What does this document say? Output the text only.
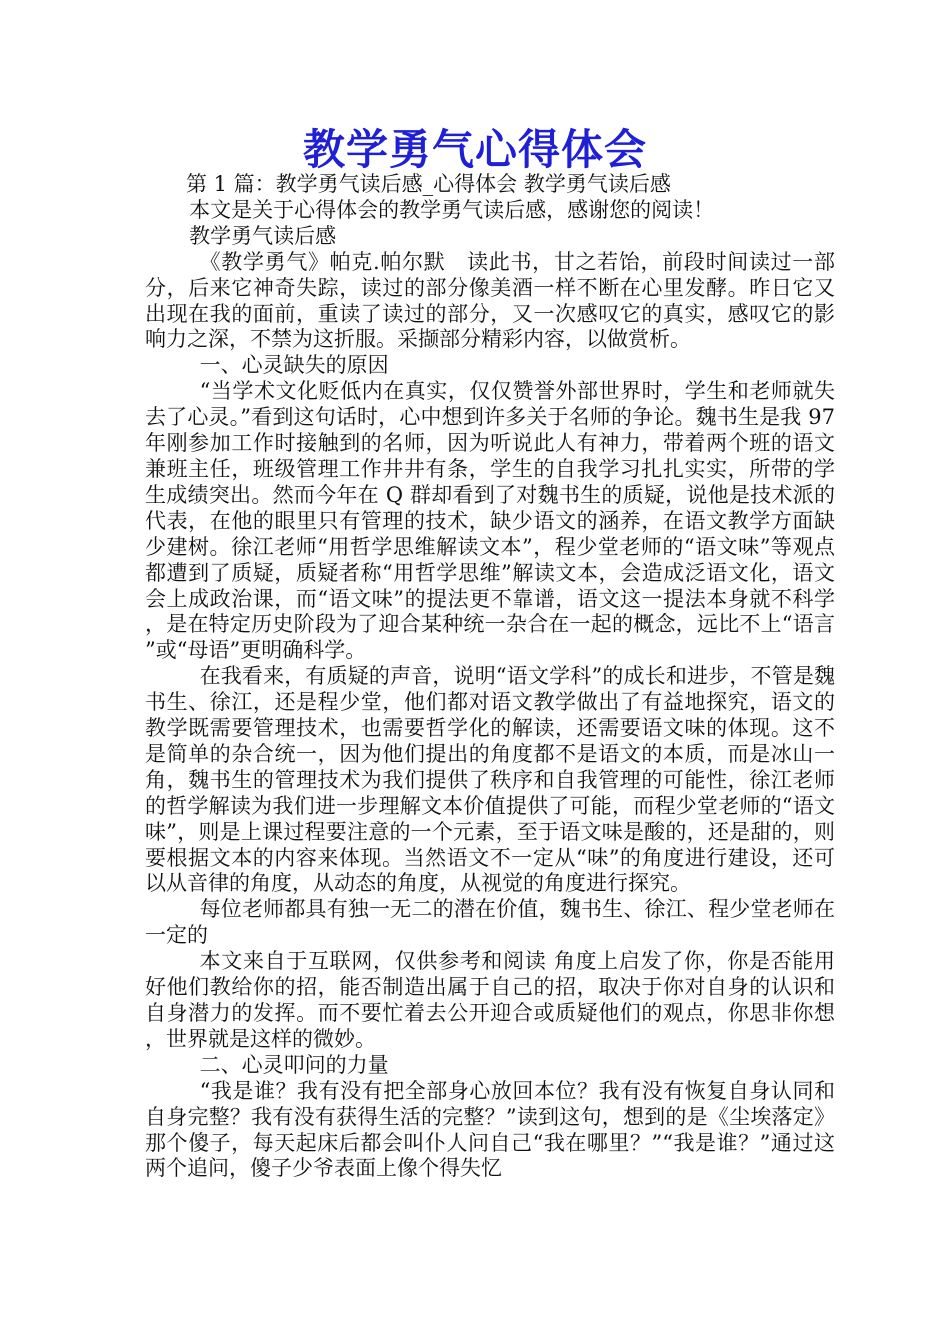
教学勇气心得体会

第 1 篇：教学勇气读后感_心得体会 教学勇气读后感

本文是关于心得体会的教学勇气读后感，感谢您的阅读！

教学勇气读后感

《教学勇气》帕克.帕尔默　读此书，甘之若饴，前段时间读过一部分，后来它神奇失踪，读过的部分像美酒一样不断在心里发酵。昨日它又出现在我的面前，重读了读过的部分，又一次感叹它的真实，感叹它的影响力之深，不禁为这折服。采撷部分精彩内容，以做赏析。

一、心灵缺失的原因

“当学术文化贬低内在真实，仅仅赞誉外部世界时，学生和老师就失去了心灵。”看到这句话时，心中想到许多关于名师的争论。魏书生是我 97 年刚参加工作时接触到的名师，因为听说此人有神力，带着两个班的语文兼班主任，班级管理工作井井有条，学生的自我学习扎扎实实，所带的学生成绩突出。然而今年在 Q 群却看到了对魏书生的质疑，说他是技术派的代表，在他的眼里只有管理的技术，缺少语文的涵养，在语文教学方面缺少建树。徐江老师“用哲学思维解读文本”，程少堂老师的“语文味”等观点都遭到了质疑，质疑者称“用哲学思维”解读文本，会造成泛语文化，语文会上成政治课，而“语文味”的提法更不靠谱，语文这一提法本身就不科学，是在特定历史阶段为了迎合某种统一杂合在一起的概念，远比不上“语言”或“母语”更明确科学。

在我看来，有质疑的声音，说明“语文学科”的成长和进步，不管是魏书生、徐江，还是程少堂，他们都对语文教学做出了有益地探究，语文的教学既需要管理技术，也需要哲学化的解读，还需要语文味的体现。这不是简单的杂合统一，因为他们提出的角度都不是语文的本质，而是冰山一角，魏书生的管理技术为我们提供了秩序和自我管理的可能性，徐江老师的哲学解读为我们进一步理解文本价值提供了可能，而程少堂老师的“语文味”，则是上课过程要注意的一个元素，至于语文味是酸的，还是甜的，则要根据文本的内容来体现。当然语文不一定从“味”的角度进行建设，还可以从音律的角度，从动态的角度，从视觉的角度进行探究。

每位老师都具有独一无二的潜在价值，魏书生、徐江、程少堂老师在一定的

本文来自于互联网，仅供参考和阅读 角度上启发了你，你是否能用好他们教给你的招，能否制造出属于自己的招，取决于你对自身的认识和自身潜力的发挥。而不要忙着去公开迎合或质疑他们的观点，你思非你想，世界就是这样的微妙。

二、心灵叩问的力量

“我是谁？我有没有把全部身心放回本位？我有没有恢复自身认同和自身完整？我有没有获得生活的完整？”读到这句，想到的是《尘埃落定》那个傻子，每天起床后都会叫仆人问自己“我在哪里？”“我是谁？”通过这两个追问，傻子少爷表面上像个得失忆
